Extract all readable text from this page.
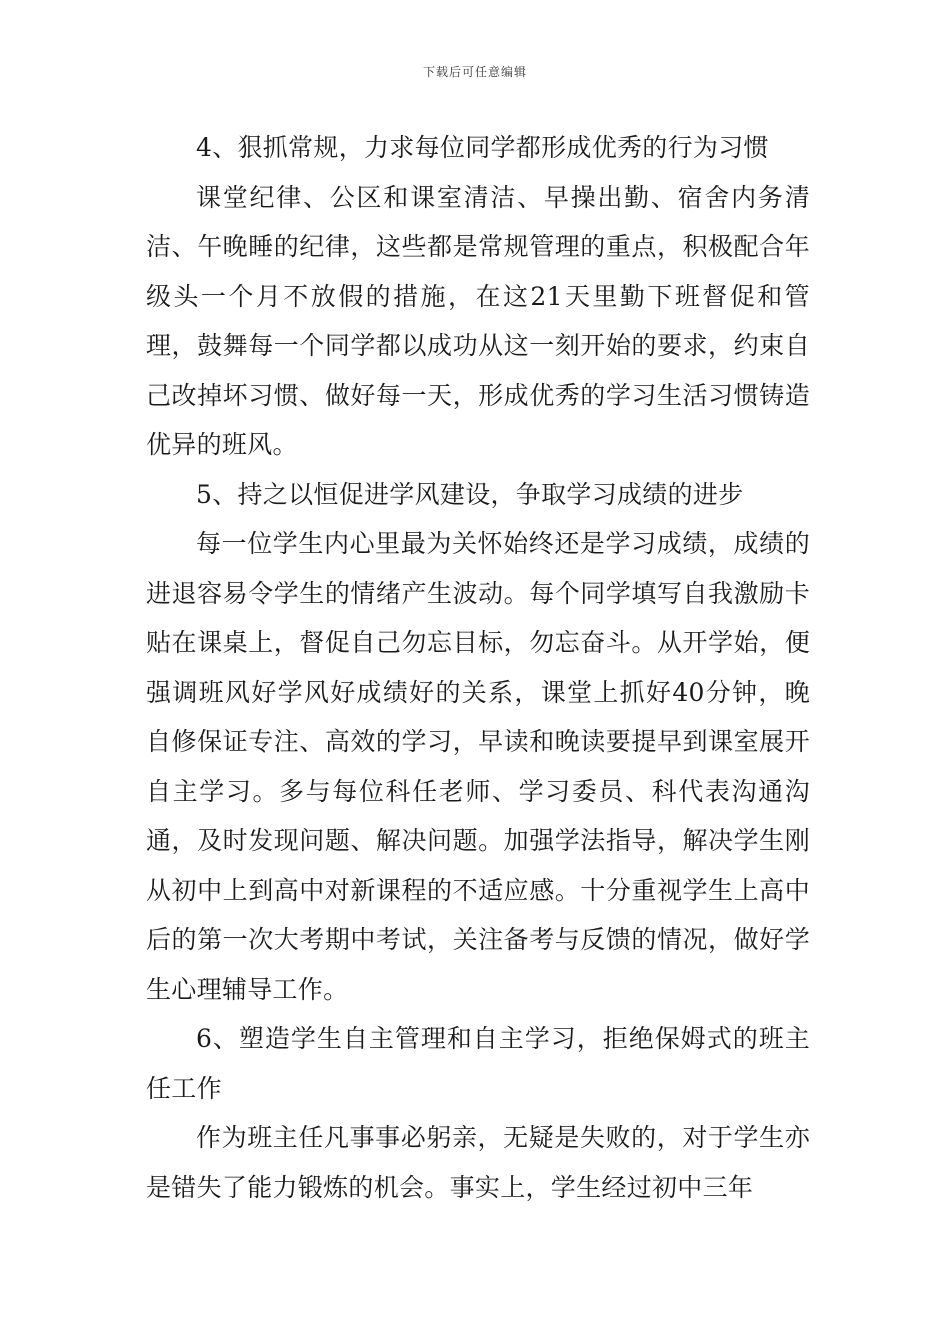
下载后可任意编辑

4、狠抓常规，力求每位同学都形成优秀的行为习惯

课堂纪律、公区和课室清洁、早操出勤、宿舍内务清洁、午晚睡的纪律，这些都是常规管理的重点，积极配合年级头一个月不放假的措施，在这21天里勤下班督促和管理，鼓舞每一个同学都以成功从这一刻开始的要求，约束自己改掉坏习惯、做好每一天，形成优秀的学习生活习惯铸造优异的班风。

5、持之以恒促进学风建设，争取学习成绩的进步

每一位学生内心里最为关怀始终还是学习成绩，成绩的进退容易令学生的情绪产生波动。每个同学填写自我激励卡贴在课桌上，督促自己勿忘目标，勿忘奋斗。从开学始，便强调班风好学风好成绩好的关系，课堂上抓好40分钟，晚自修保证专注、高效的学习，早读和晚读要提早到课室展开自主学习。多与每位科任老师、学习委员、科代表沟通沟通，及时发现问题、解决问题。加强学法指导，解决学生刚从初中上到高中对新课程的不适应感。十分重视学生上高中后的第一次大考期中考试，关注备考与反馈的情况，做好学生心理辅导工作。

6、塑造学生自主管理和自主学习，拒绝保姆式的班主任工作

作为班主任凡事事必躬亲，无疑是失败的，对于学生亦是错失了能力锻炼的机会。事实上，学生经过初中三年
